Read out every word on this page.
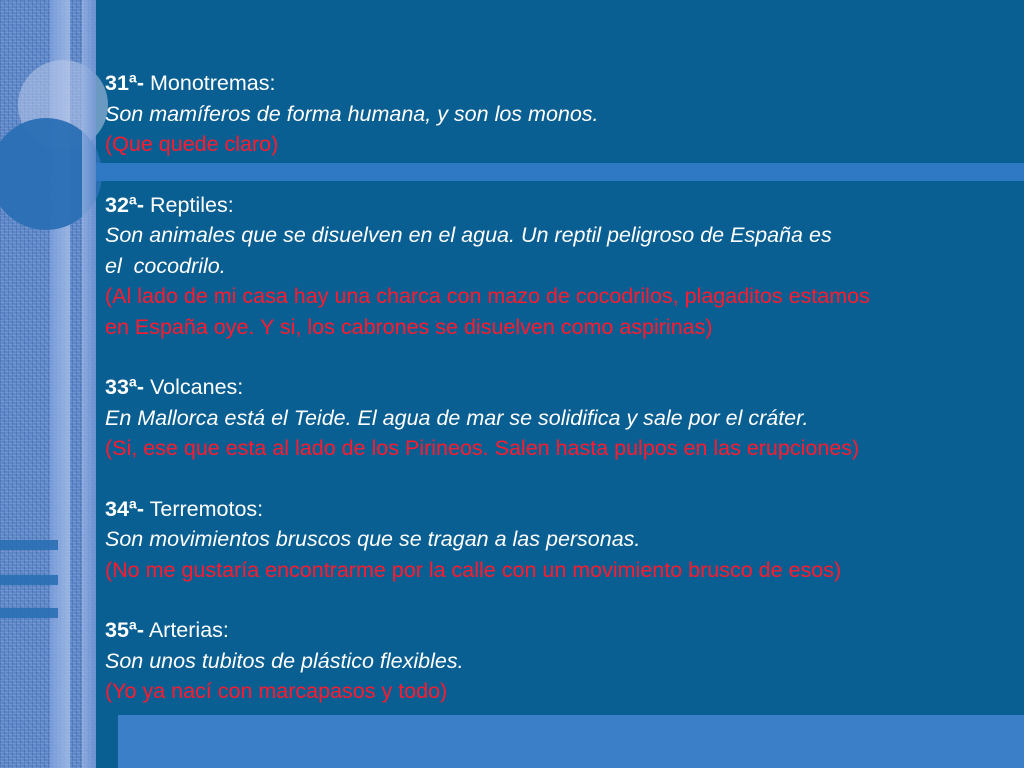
31ª- Monotremas:
Son mamíferos de forma humana, y son los monos.
(Que quede claro)
32ª- Reptiles:
Son animales que se disuelven en el agua. Un reptil peligroso de España es
el  cocodrilo.
(Al lado de mi casa hay una charca con mazo de cocodrilos, plagaditos estamos
en España oye. Y si, los cabrones se disuelven como aspirinas)
33ª- Volcanes:
En Mallorca está el Teide. El agua de mar se solidifica y sale por el cráter.
(Si, ese que esta al lado de los Pirineos. Salen hasta pulpos en las erupciones)
34ª- Terremotos:
Son movimientos bruscos que se tragan a las personas.
(No me gustaría encontrarme por la calle con un movimiento brusco de esos)
35ª- Arterias:
Son unos tubitos de plástico flexibles.
(Yo ya nací con marcapasos y todo)
